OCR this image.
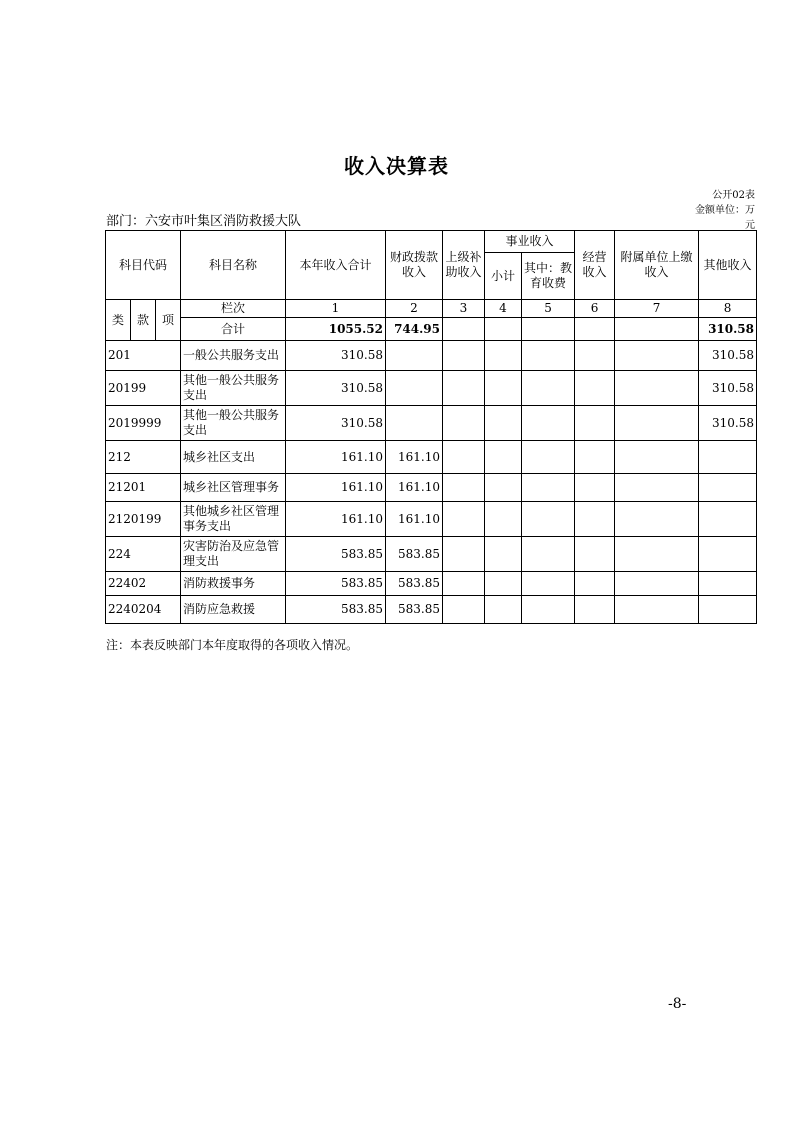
收入决算表
公开02表
金额单位：万
元
部门：六安市叶集区消防救援大队
科目代码			科目名称	本年收入合计	财政拨款收入	上级补助收入	事业收入		经营收入	附属单位上缴收入	其他收入
							小计	其中：教育收费			
类	款	项	栏次	1	2	3	4	5	6	7	8
			合计	1055.52	744.95						310.58
201			一般公共服务支出	310.58							310.58
20199			其他一般公共服务支出	310.58							310.58
2019999			其他一般公共服务支出	310.58							310.58
212			城乡社区支出	161.10	161.10						
21201			城乡社区管理事务	161.10	161.10						
2120199			其他城乡社区管理事务支出	161.10	161.10						
224			灾害防治及应急管理支出	583.85	583.85						
22402			消防救援事务	583.85	583.85						
2240204			消防应急救援	583.85	583.85						
注：本表反映部门本年度取得的各项收入情况。
-8-
